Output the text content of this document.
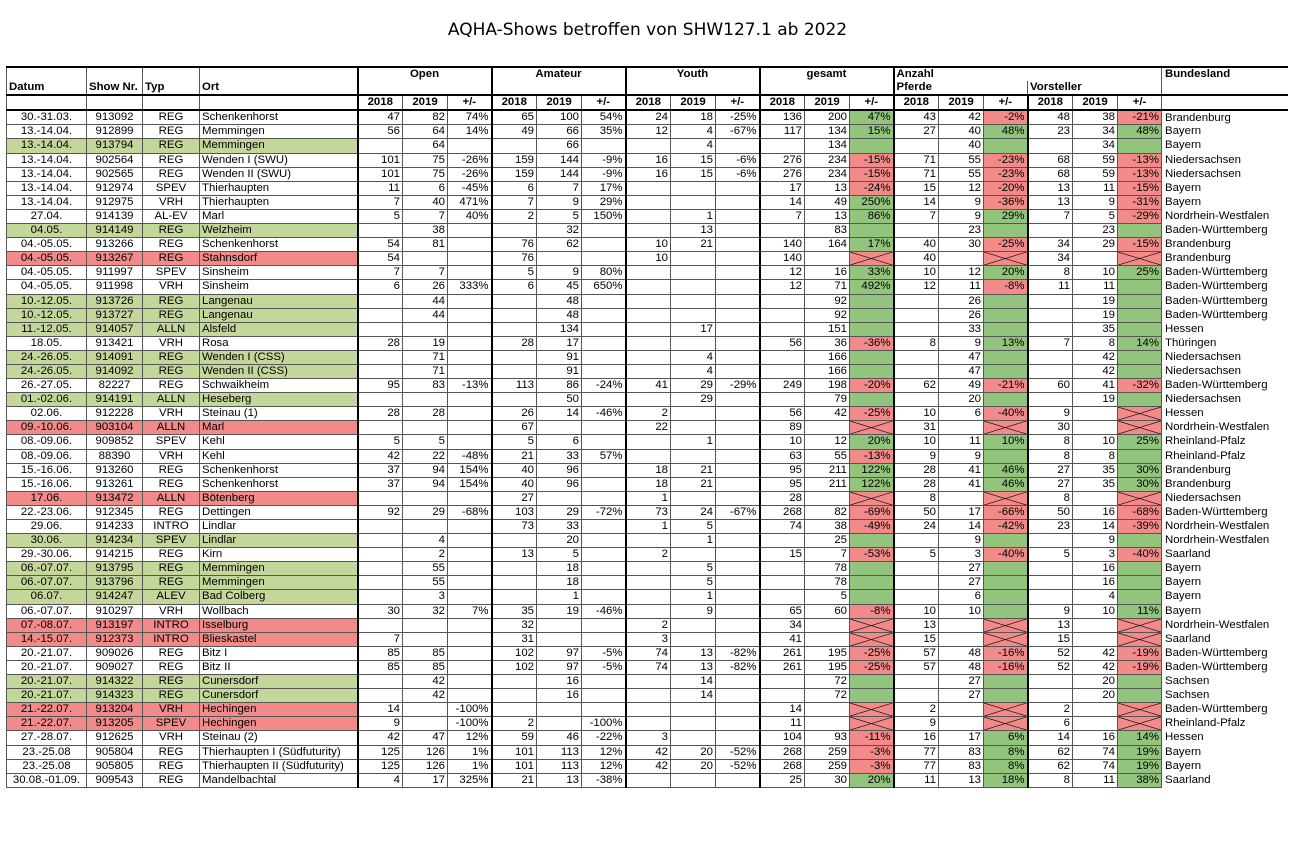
AQHA-Shows betroffen von SHW127.1 ab 2022
				Open			Amateur			Youth			gesamt			Anzahl						Bundesland
Datum	Show Nr.	Typ	Ort													Pferde			Vorsteller			
				2018	2019	+/-	2018	2019	+/-	2018	2019	+/-	2018	2019	+/-	2018	2019	+/-	2018	2019	+/-	
30.-31.03.	913092	REG	Schenkenhorst	47	82	74%	65	100	54%	24	18	-25%	136	200	47%	43	42	-2%	48	38	-21%	Brandenburg
13.-14.04.	912899	REG	Memmingen	56	64	14%	49	66	35%	12	4	-67%	117	134	15%	27	40	48%	23	34	48%	Bayern
13.-14.04.	913794	REG	Memmingen		64			66			4			134			40			34		Bayern
13.-14.04.	902564	REG	Wenden I (SWU)	101	75	-26%	159	144	-9%	16	15	-6%	276	234	-15%	71	55	-23%	68	59	-13%	Niedersachsen
13.-14.04.	902565	REG	Wenden II (SWU)	101	75	-26%	159	144	-9%	16	15	-6%	276	234	-15%	71	55	-23%	68	59	-13%	Niedersachsen
13.-14.04.	912974	SPEV	Thierhaupten	11	6	-45%	6	7	17%				17	13	-24%	15	12	-20%	13	11	-15%	Bayern
13.-14.04.	912975	VRH	Thierhaupten	7	40	471%	7	9	29%				14	49	250%	14	9	-36%	13	9	-31%	Bayern
27.04.	914139	AL-EV	Marl	5	7	40%	2	5	150%		1		7	13	86%	7	9	29%	7	5	-29%	Nordrhein-Westfalen
04.05.	914149	REG	Welzheim		38			32			13			83			23			23		Baden-Württemberg
04.-05.05.	913266	REG	Schenkenhorst	54	81		76	62		10	21		140	164	17%	40	30	-25%	34	29	-15%	Brandenburg
04.-05.05.	913267	REG	Stahnsdorf	54			76			10			140			40			34			Brandenburg
04.-05.05.	911997	SPEV	Sinsheim	7	7		5	9	80%				12	16	33%	10	12	20%	8	10	25%	Baden-Württemberg
04.-05.05.	911998	VRH	Sinsheim	6	26	333%	6	45	650%				12	71	492%	12	11	-8%	11	11		Baden-Württemberg
10.-12.05.	913726	REG	Langenau		44			48						92			26			19		Baden-Württemberg
10.-12.05.	913727	REG	Langenau		44			48						92			26			19		Baden-Württemberg
11.-12.05.	914057	ALLN	Alsfeld					134			17			151			33			35		Hessen
18.05.	913421	VRH	Rosa	28	19		28	17					56	36	-36%	8	9	13%	7	8	14%	Thüringen
24.-26.05.	914091	REG	Wenden I (CSS)		71			91			4			166			47			42		Niedersachsen
24.-26.05.	914092	REG	Wenden II (CSS)		71			91			4			166			47			42		Niedersachsen
26.-27.05.	82227	REG	Schwaikheim	95	83	-13%	113	86	-24%	41	29	-29%	249	198	-20%	62	49	-21%	60	41	-32%	Baden-Württemberg
01.-02.06.	914191	ALLN	Heseberg					50			29			79			20			19		Niedersachsen
02.06.	912228	VRH	Steinau (1)	28	28		26	14	-46%	2			56	42	-25%	10	6	-40%	9			Hessen
09.-10.06.	903104	ALLN	Marl				67			22			89			31			30			Nordrhein-Westfalen
08.-09.06.	909852	SPEV	Kehl	5	5		5	6			1		10	12	20%	10	11	10%	8	10	25%	Rheinland-Pfalz
08.-09.06.	88390	VRH	Kehl	42	22	-48%	21	33	57%				63	55	-13%	9	9		8	8		Rheinland-Pfalz
15.-16.06.	913260	REG	Schenkenhorst	37	94	154%	40	96		18	21		95	211	122%	28	41	46%	27	35	30%	Brandenburg
15.-16.06.	913261	REG	Schenkenhorst	37	94	154%	40	96		18	21		95	211	122%	28	41	46%	27	35	30%	Brandenburg
17.06.	913472	ALLN	Bötenberg				27			1			28			8			8			Niedersachsen
22.-23.06.	912345	REG	Dettingen	92	29	-68%	103	29	-72%	73	24	-67%	268	82	-69%	50	17	-66%	50	16	-68%	Baden-Württemberg
29.06.	914233	INTRO	Lindlar				73	33		1	5		74	38	-49%	24	14	-42%	23	14	-39%	Nordrhein-Westfalen
30.06.	914234	SPEV	Lindlar		4			20			1			25			9			9		Nordrhein-Westfalen
29.-30.06.	914215	REG	Kirn		2		13	5		2			15	7	-53%	5	3	-40%	5	3	-40%	Saarland
06.-07.07.	913795	REG	Memmingen		55			18			5			78			27			16		Bayern
06.-07.07.	913796	REG	Memmingen		55			18			5			78			27			16		Bayern
06.07.	914247	ALEV	Bad Colberg		3			1			1			5			6			4		Bayern
06.-07.07.	910297	VRH	Wollbach	30	32	7%	35	19	-46%		9		65	60	-8%	10	10		9	10	11%	Bayern
07.-08.07.	913197	INTRO	Isselburg				32			2			34			13			13			Nordrhein-Westfalen
14.-15.07.	912373	INTRO	Blieskastel	7			31			3			41			15			15			Saarland
20.-21.07.	909026	REG	Bitz I	85	85		102	97	-5%	74	13	-82%	261	195	-25%	57	48	-16%	52	42	-19%	Baden-Württemberg
20.-21.07.	909027	REG	Bitz II	85	85		102	97	-5%	74	13	-82%	261	195	-25%	57	48	-16%	52	42	-19%	Baden-Württemberg
20.-21.07.	914322	REG	Cunersdorf		42			16			14			72			27			20		Sachsen
20.-21.07.	914323	REG	Cunersdorf		42			16			14			72			27			20		Sachsen
21.-22.07.	913204	VRH	Hechingen	14		-100%							14			2			2			Baden-Württemberg
21.-22.07.	913205	SPEV	Hechingen	9		-100%	2		-100%				11			9			6			Rheinland-Pfalz
27.-28.07.	912625	VRH	Steinau (2)	42	47	12%	59	46	-22%	3			104	93	-11%	16	17	6%	14	16	14%	Hessen
23.-25.08	905804	REG	Thierhaupten I (Südfuturity)	125	126	1%	101	113	12%	42	20	-52%	268	259	-3%	77	83	8%	62	74	19%	Bayern
23.-25.08	905805	REG	Thierhaupten II (Südfuturity)	125	126	1%	101	113	12%	42	20	-52%	268	259	-3%	77	83	8%	62	74	19%	Bayern
30.08.-01.09.	909543	REG	Mandelbachtal	4	17	325%	21	13	-38%				25	30	20%	11	13	18%	8	11	38%	Saarland
